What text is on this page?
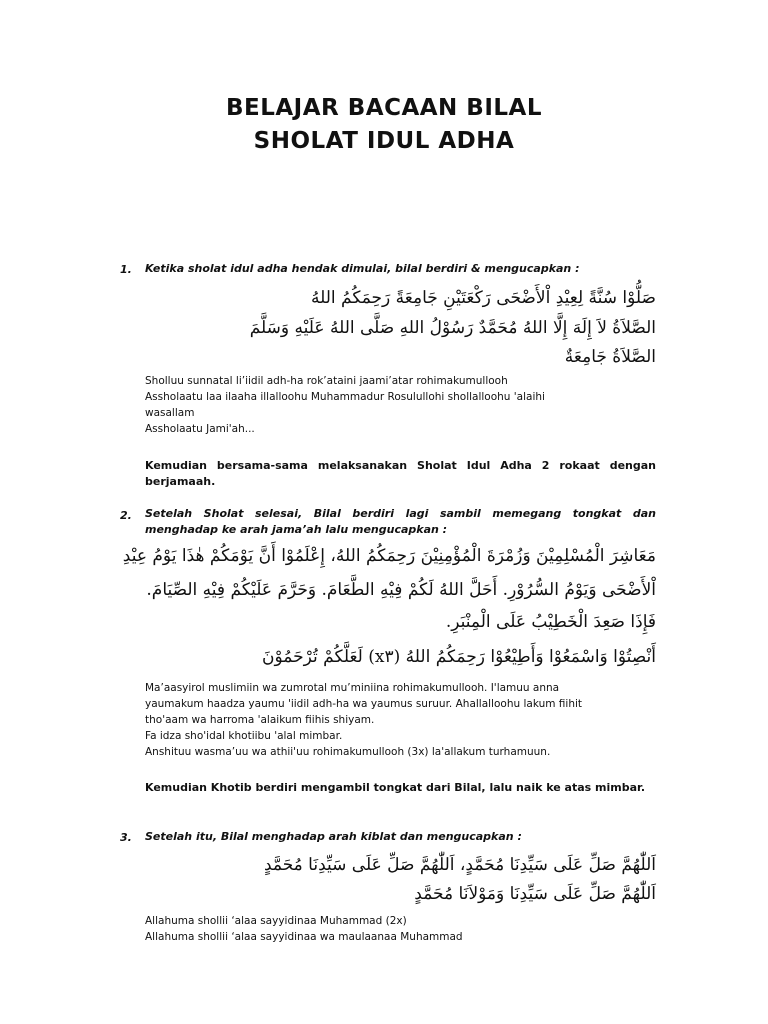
BELAJAR BACAAN BILAL
SHOLAT IDUL ADHA
1. Ketika sholat idul adha hendak dimulai, bilal berdiri & mengucapkan :
صَلُّوْا سُنَّةً لِعِيْدِ اْلأَضْحَى رَكْعَتَيْنِ جَامِعَةً رَحِمَكُمُ اللهُ
الصَّلاَةُ لاَ إِلَهَ إِلَّا اللهُ مُحَمَّدٌ رَسُوْلُ اللهِ صَلَّى اللهُ عَلَيْهِ وَسَلَّمَ
الصَّلاَةُ جَامِعَةٌ
Sholluu sunnatal li’iidil adh-ha rok’ataini jaami’atar rohimakumullooh
Assholaatu laa ilaaha illalloohu Muhammadur Rosulullohi shollalloohu 'alaihi
wasallam
Assholaatu Jami'ah...
Kemudian bersama-sama melaksanakan Sholat Idul Adha 2 rokaat dengan berjamaah.
2. Setelah Sholat selesai, Bilal berdiri lagi sambil memegang tongkat dan menghadap ke arah jama’ah lalu mengucapkan :
مَعَاشِرَ الْمُسْلِمِيْنَ وَزُمْرَةَ الْمُؤْمِنِيْنَ رَحِمَكُمُ اللهُ، إِعْلَمُوْا أَنَّ يَوْمَكُمْ هٰذَا يَوْمُ عِيْدِ
اْلأَضْحَى وَيَوْمُ السُّرُوْرِ. أَحَلَّ اللهُ لَكُمْ فِيْهِ الطَّعَامَ. وَحَرَّمَ عَلَيْكُمْ فِيْهِ الصِّيَامَ.
فَإِذَا صَعِدَ الْخَطِيْبُ عَلَى الْمِنْبَرِ.
أَنْصِتُوْا وَاسْمَعُوْا وَأَطِيْعُوْا رَحِمَكُمُ اللهُ (x٣) لَعَلَّكُمْ تُرْحَمُوْنَ
Ma’aasyirol muslimiin wa zumrotal mu’miniina rohimakumullooh. I'lamuu anna
yaumakum haadza yaumu 'iidil adh-ha wa yaumus suruur. Ahallalloohu lakum fiihit
tho'aam wa harroma 'alaikum fiihis shiyam.
Fa idza sho'idal khotiibu 'alal mimbar.
Anshituu wasma’uu wa athii'uu rohimakumullooh (3x) la'allakum turhamuun.
Kemudian Khotib berdiri mengambil tongkat dari Bilal, lalu naik ke atas mimbar.
3. Setelah itu, Bilal menghadap arah kiblat dan mengucapkan :
اَللّٰهُمَّ صَلِّ عَلَى سَيِّدِنَا مُحَمَّدٍ، اَللّٰهُمَّ صَلِّ عَلَى سَيِّدِنَا مُحَمَّدٍ
اَللّٰهُمَّ صَلِّ عَلَى سَيِّدِنَا وَمَوْلاَنَا مُحَمَّدٍ
Allahuma shollii ‘alaa sayyidinaa Muhammad (2x)
Allahuma shollii ‘alaa sayyidinaa wa maulaanaa Muhammad
